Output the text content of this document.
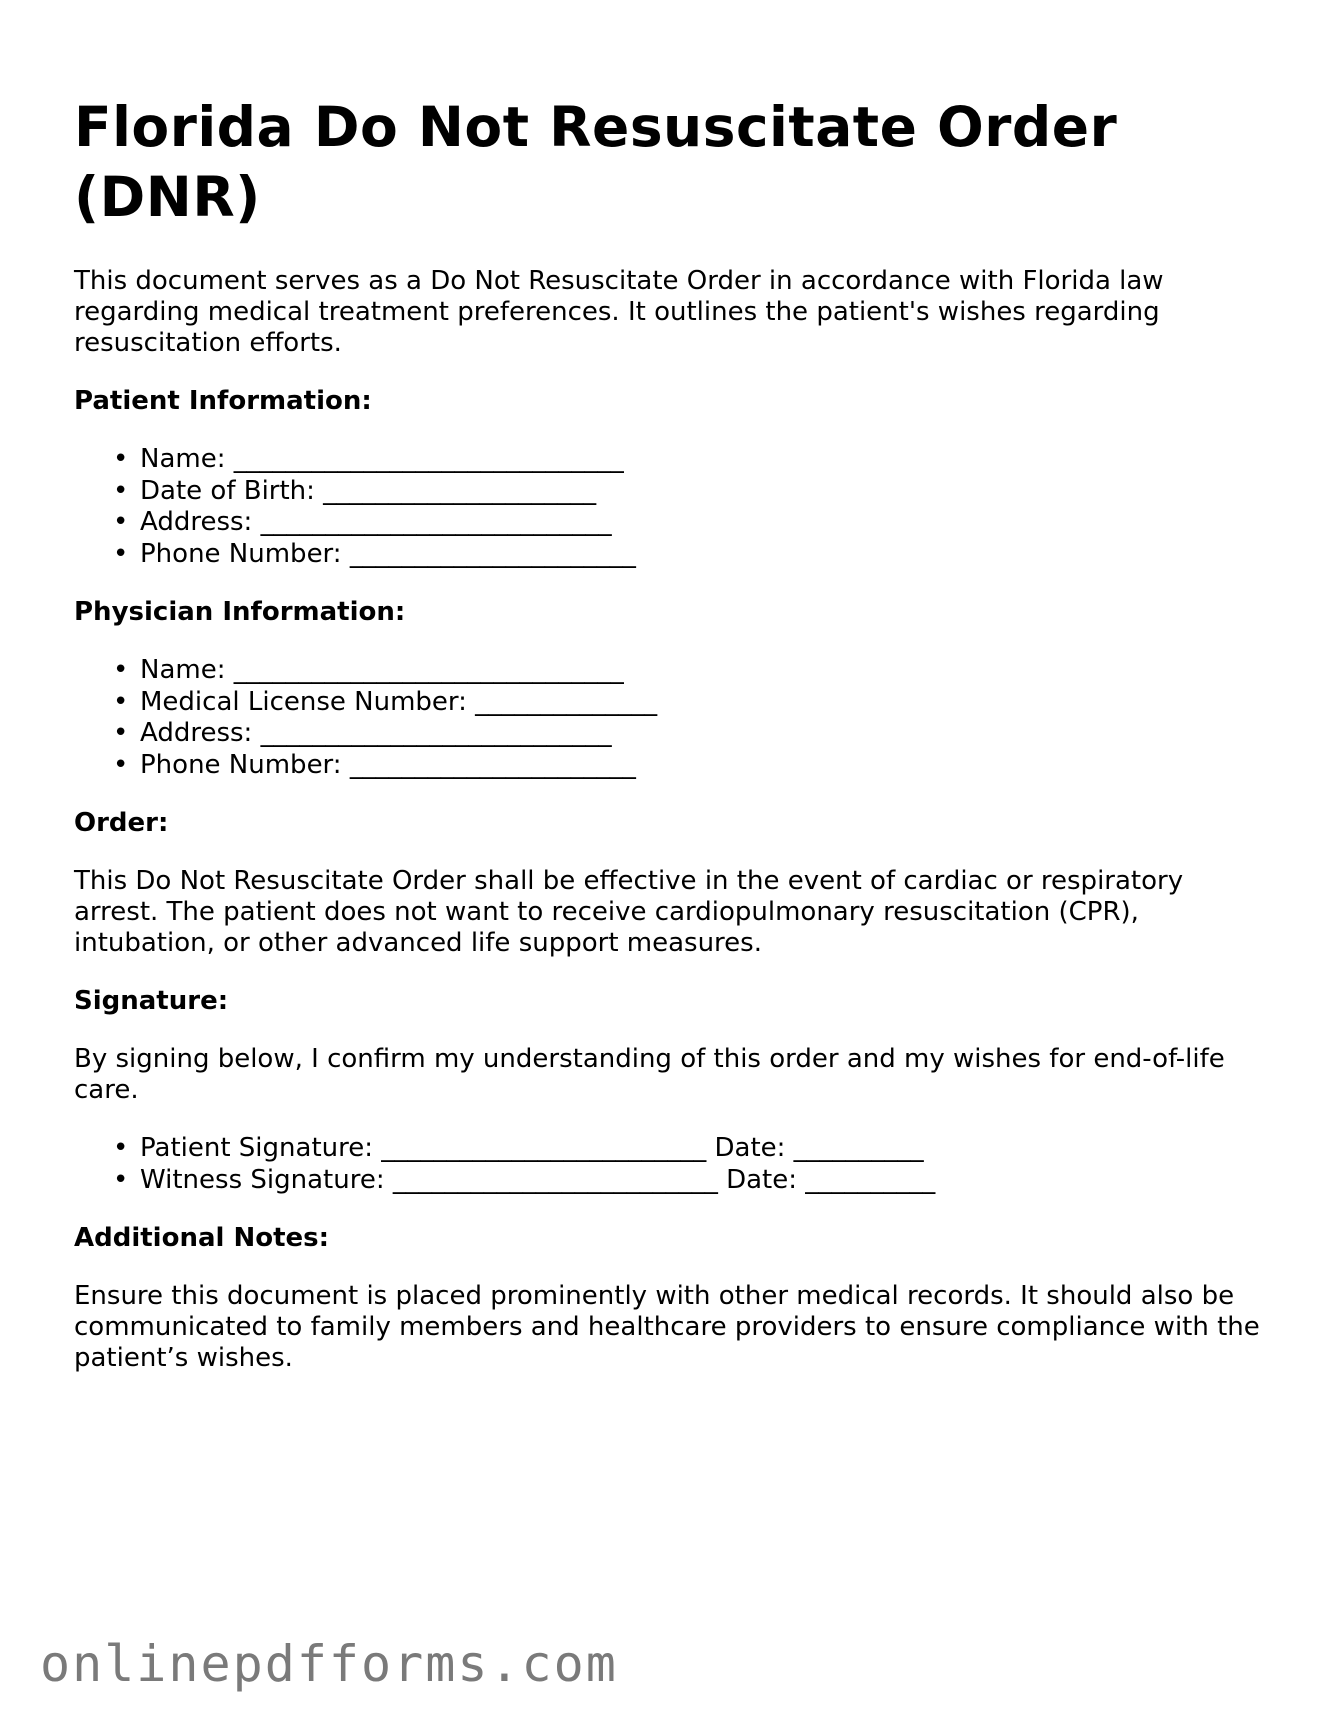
Florida Do Not Resuscitate Order (DNR)

This document serves as a Do Not Resuscitate Order in accordance with Florida law regarding medical treatment preferences. It outlines the patient's wishes regarding resuscitation efforts.

Patient Information:
• Name: ______________________________
• Date of Birth: _____________________
• Address: ___________________________
• Phone Number: ______________________
Physician Information:
• Name: ______________________________
• Medical License Number: ______________
• Address: ___________________________
• Phone Number: ______________________
Order:

This Do Not Resuscitate Order shall be effective in the event of cardiac or respiratory arrest. The patient does not want to receive cardiopulmonary resuscitation (CPR), intubation, or other advanced life support measures.

Signature:

By signing below, I confirm my understanding of this order and my wishes for end-of-life care.

• Patient Signature: _________________________ Date: __________
• Witness Signature: _________________________ Date: __________
Additional Notes:

Ensure this document is placed prominently with other medical records. It should also be communicated to family members and healthcare providers to ensure compliance with the patient’s wishes.

onlinepdfforms.com
